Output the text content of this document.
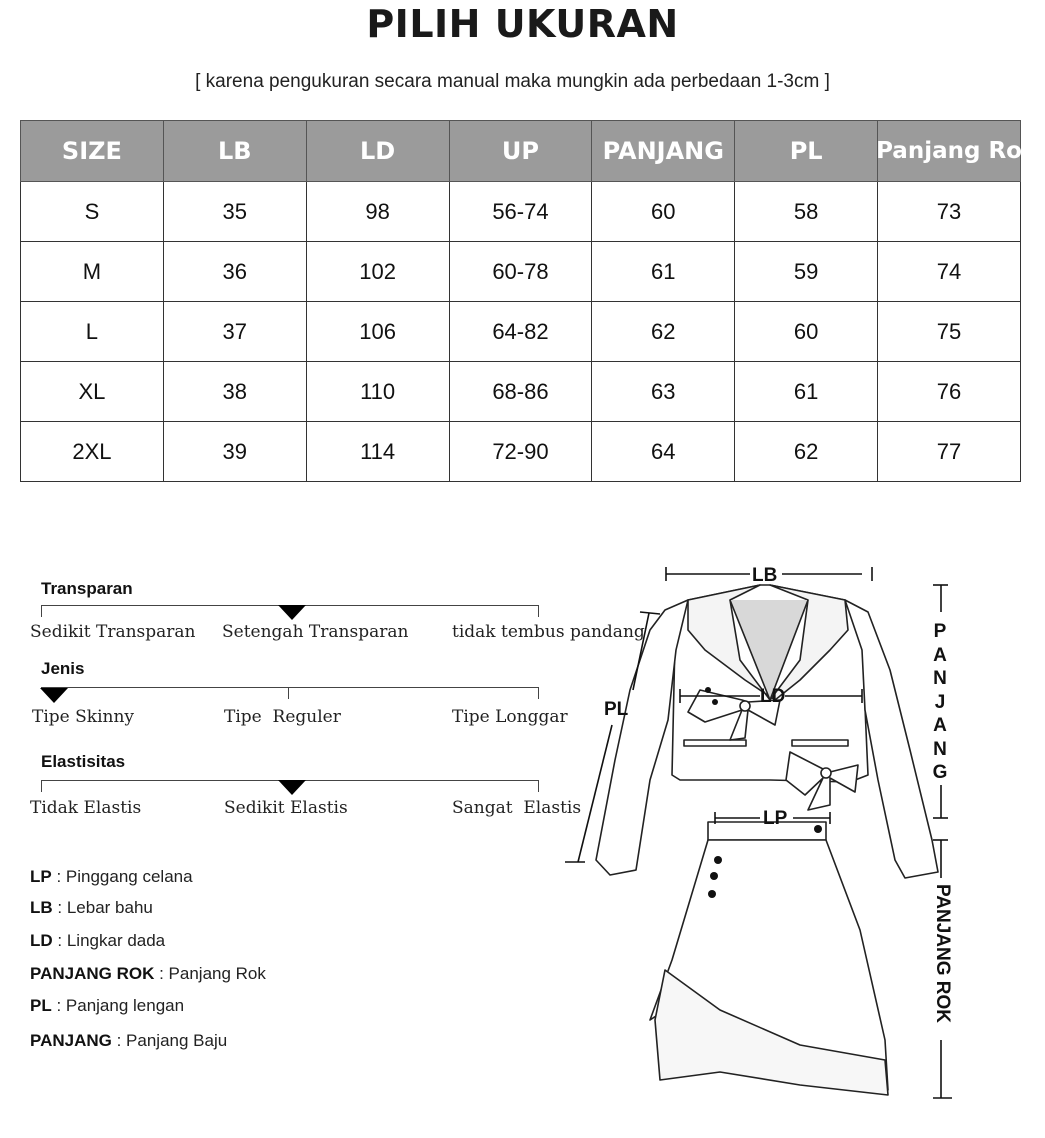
PILIH UKURAN
[ karena pengukuran secara manual maka mungkin ada perbedaan 1-3cm ]
SIZE	LB	LD	UP	PANJANG	PL	Panjang Rok
S	35	98	56-74	60	58	73
M	36	102	60-78	61	59	74
L	37	106	64-82	62	60	75
XL	38	110	68-86	63	61	76
2XL	39	114	72-90	64	62	77
Transparan
Sedikit Transparan Setengah Transparan	tidak tembus pandang
Jenis
Tipe Skinny	Tipe  Reguler	Tipe Longgar
Elastisitas
Tidak Elastis	Sedikit Elastis	Sangat  Elastis
LP : Pinggang celana
LB : Lebar bahu
LD : Lingkar dada
PANJANG ROK : Panjang Rok
PL : Panjang lengan
PANJANG : Panjang Baju
LB
LD
PL
LP
P
A
N
J
A
N
G
PANJANG ROK
